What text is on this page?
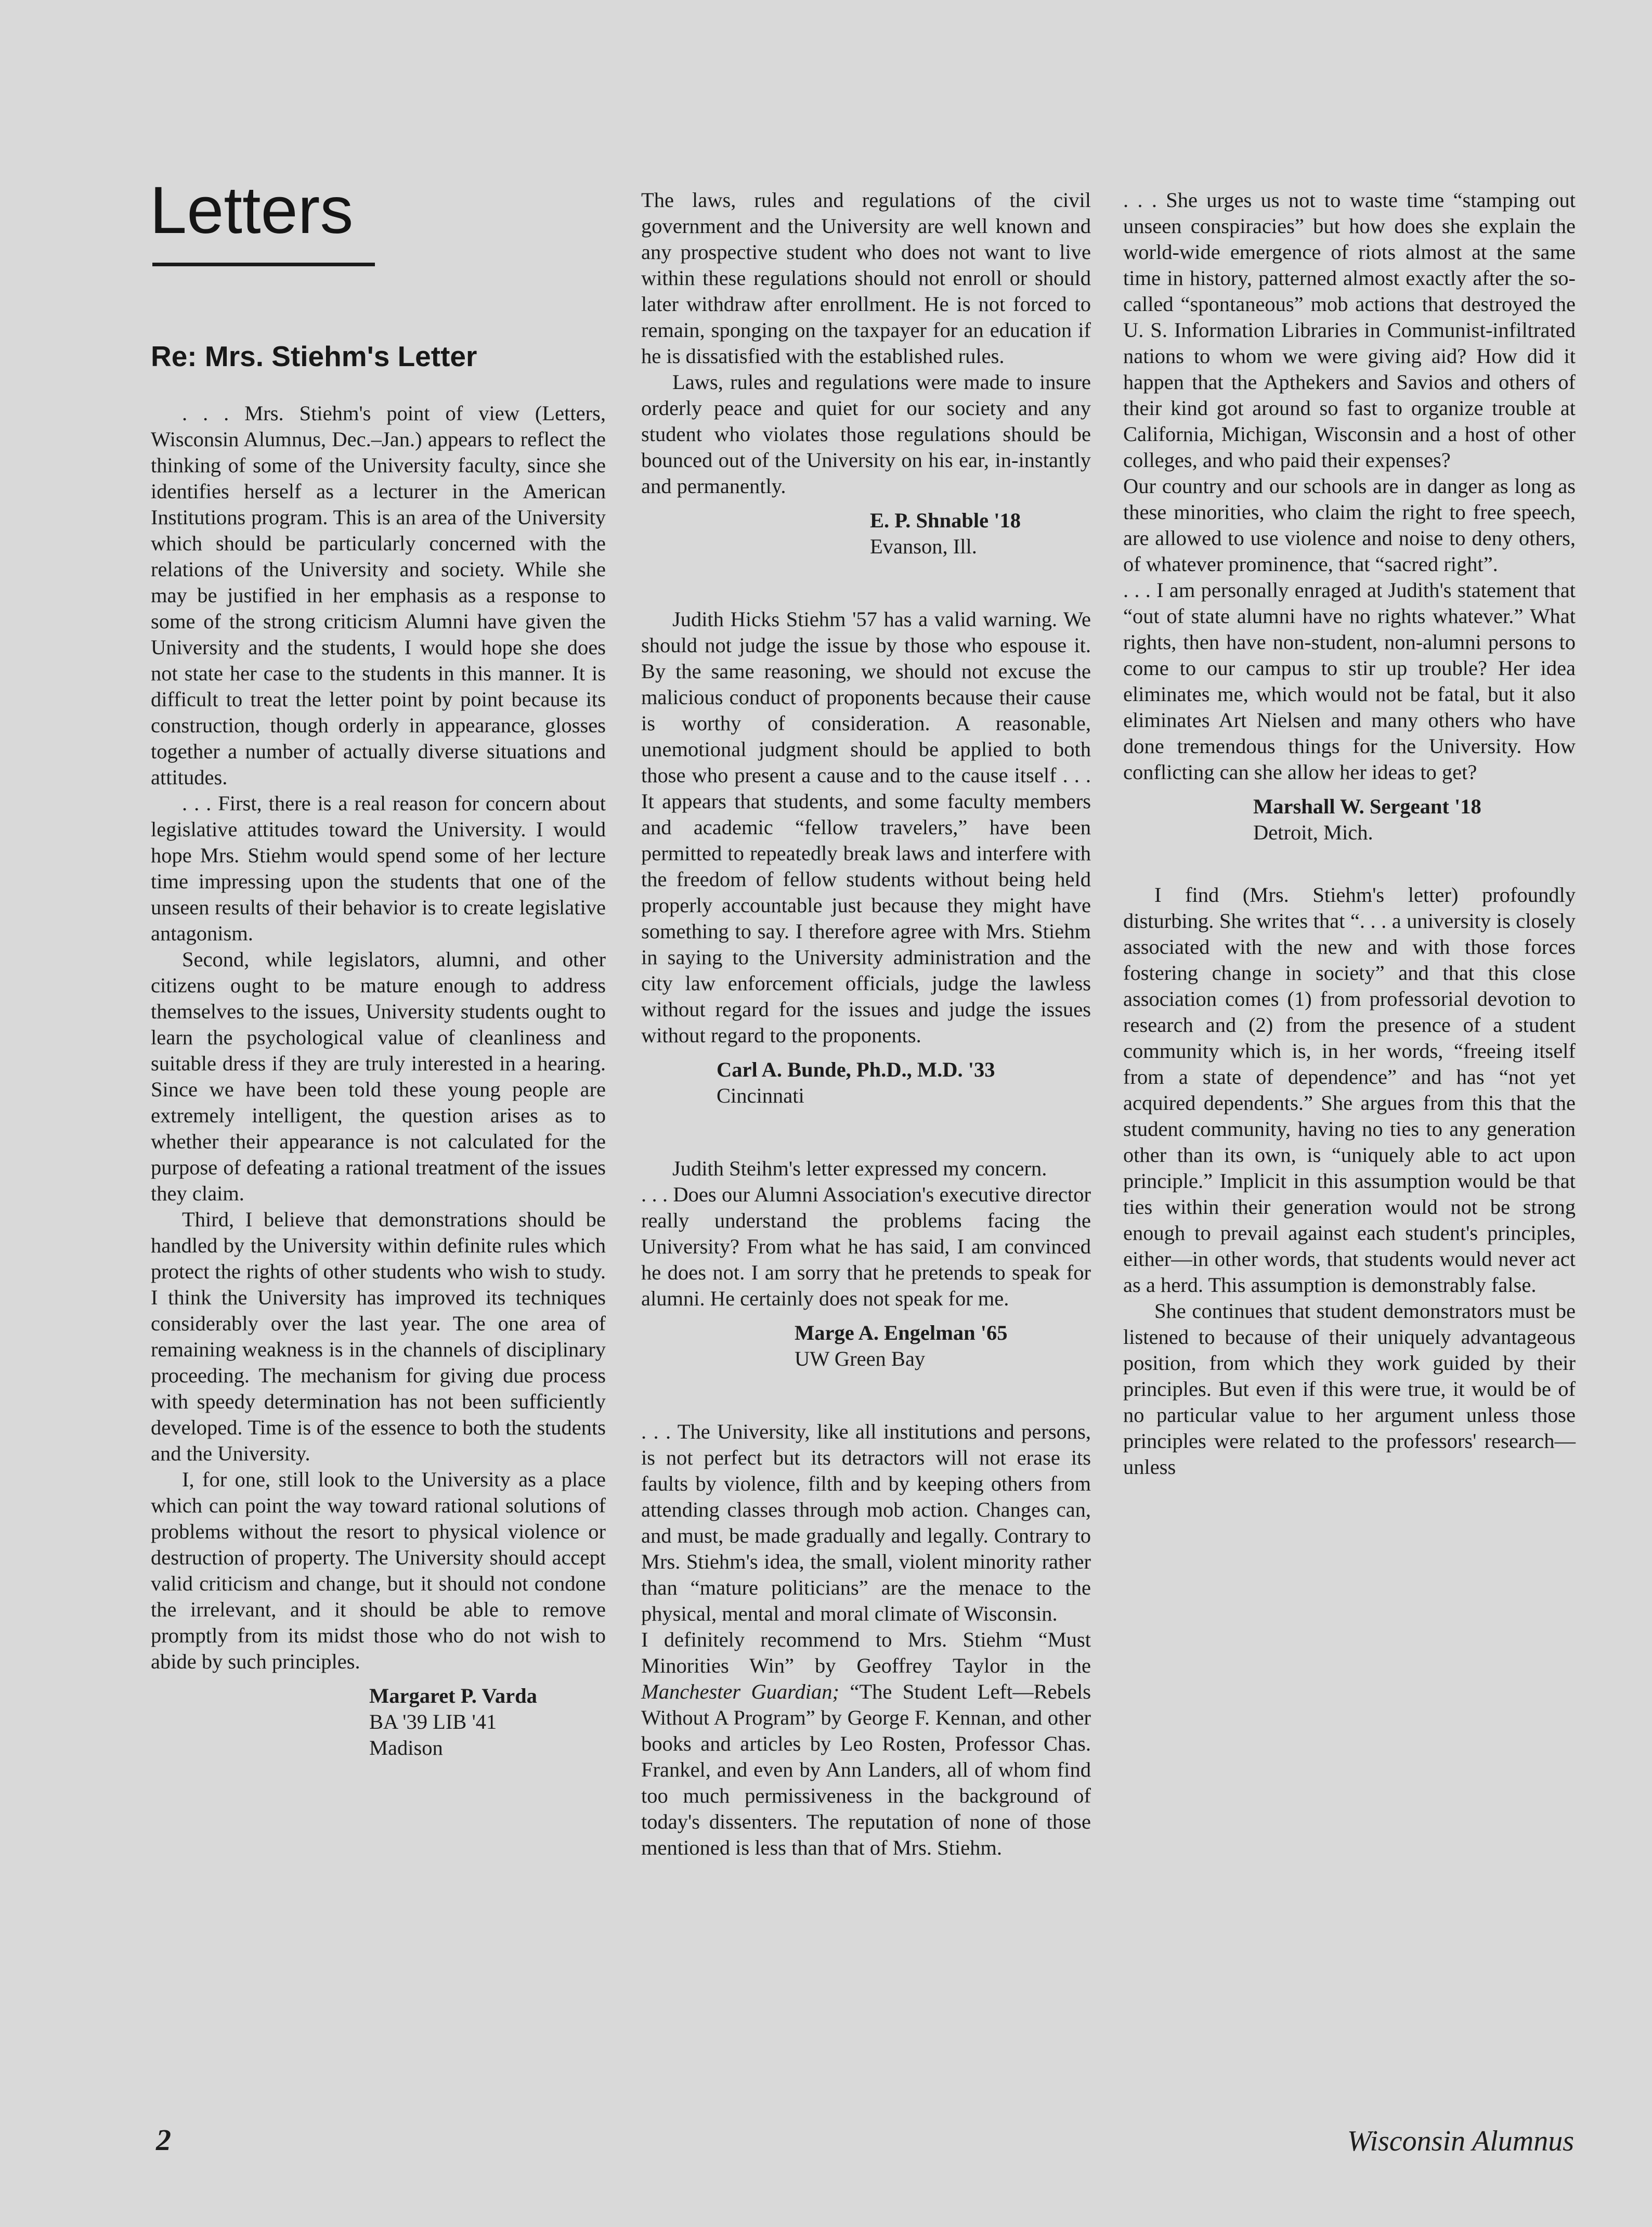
Letters
Re: Mrs. Stiehm's Letter

. . . Mrs. Stiehm's point of view (Letters, Wisconsin Alumnus, Dec.–Jan.) appears to reflect the thinking of some of the University faculty, since she identifies herself as a lecturer in the American Institutions program. This is an area of the University which should be particularly concerned with the relations of the University and society. While she may be justified in her emphasis as a response to some of the strong criticism Alumni have given the University and the students, I would hope she does not state her case to the students in this manner. It is difficult to treat the letter point by point because its construction, though orderly in appearance, glosses together a number of actually diverse situations and attitudes.

. . . First, there is a real reason for concern about legislative attitudes toward the University. I would hope Mrs. Stiehm would spend some of her lecture time impressing upon the students that one of the unseen results of their behavior is to create legislative antagonism.

Second, while legislators, alumni, and other citizens ought to be mature enough to address themselves to the issues, University students ought to learn the psychological value of cleanliness and suitable dress if they are truly interested in a hearing. Since we have been told these young people are extremely intelligent, the question arises as to whether their appearance is not calculated for the purpose of defeating a rational treatment of the issues they claim.

Third, I believe that demonstrations should be handled by the University within definite rules which protect the rights of other students who wish to study. I think the University has improved its techniques considerably over the last year. The one area of remaining weakness is in the channels of disciplinary proceeding. The mechanism for giving due process with speedy determination has not been sufficiently developed. Time is of the essence to both the students and the University.

I, for one, still look to the University as a place which can point the way toward rational solutions of problems without the resort to physical violence or destruction of property. The University should accept valid criticism and change, but it should not condone the irrelevant, and it should be able to remove promptly from its midst those who do not wish to abide by such principles.

Margaret P. Varda
BA '39 LIB '41
Madison

The laws, rules and regulations of the civil government and the University are well known and any prospective student who does not want to live within these regulations should not enroll or should later withdraw after enrollment. He is not forced to remain, sponging on the taxpayer for an education if he is dissatisfied with the established rules.

Laws, rules and regulations were made to insure orderly peace and quiet for our society and any student who violates those regulations should be bounced out of the University on his ear, in-instantly and permanently.

E. P. Shnable '18
Evanson, Ill.

Judith Hicks Stiehm '57 has a valid warning. We should not judge the issue by those who espouse it. By the same reasoning, we should not excuse the malicious conduct of proponents because their cause is worthy of consideration. A reasonable, unemotional judgment should be applied to both those who present a cause and to the cause itself . . . It appears that students, and some faculty members and academic “fellow travelers,” have been permitted to repeatedly break laws and interfere with the freedom of fellow students without being held properly accountable just because they might have something to say. I therefore agree with Mrs. Stiehm in saying to the University administration and the city law enforcement officials, judge the lawless without regard for the issues and judge the issues without regard to the proponents.

Carl A. Bunde, Ph.D., M.D. '33
Cincinnati

Judith Steihm's letter expressed my concern.

. . . Does our Alumni Association's executive director really understand the problems facing the University? From what he has said, I am convinced he does not. I am sorry that he pretends to speak for alumni. He certainly does not speak for me.

Marge A. Engelman '65
UW Green Bay

. . . The University, like all institutions and persons, is not perfect but its detractors will not erase its faults by violence, filth and by keeping others from attending classes through mob action. Changes can, and must, be made gradually and legally. Contrary to Mrs. Stiehm's idea, the small, violent minority rather than “mature politicians” are the menace to the physical, mental and moral climate of Wisconsin.

I definitely recommend to Mrs. Stiehm “Must Minorities Win” by Geoffrey Taylor in the Manchester Guardian; “The Student Left—Rebels Without A Program” by George F. Kennan, and other books and articles by Leo Rosten, Professor Chas. Frankel, and even by Ann Landers, all of whom find too much permissiveness in the background of today's dissenters. The reputation of none of those mentioned is less than that of Mrs. Stiehm.

. . . She urges us not to waste time “stamping out unseen conspiracies” but how does she explain the world-wide emergence of riots almost at the same time in history, patterned almost exactly after the so-called “spontaneous” mob actions that destroyed the U. S. Information Libraries in Communist-infiltrated nations to whom we were giving aid? How did it happen that the Apthekers and Savios and others of their kind got around so fast to organize trouble at California, Michigan, Wisconsin and a host of other colleges, and who paid their expenses?

Our country and our schools are in danger as long as these minorities, who claim the right to free speech, are allowed to use violence and noise to deny others, of whatever prominence, that “sacred right”.

. . . I am personally enraged at Judith's statement that “out of state alumni have no rights whatever.” What rights, then have non-student, non-alumni persons to come to our campus to stir up trouble? Her idea eliminates me, which would not be fatal, but it also eliminates Art Nielsen and many others who have done tremendous things for the University. How conflicting can she allow her ideas to get?

Marshall W. Sergeant '18
Detroit, Mich.

I find (Mrs. Stiehm's letter) profoundly disturbing. She writes that “. . . a university is closely associated with the new and with those forces fostering change in society” and that this close association comes (1) from professorial devotion to research and (2) from the presence of a student community which is, in her words, “freeing itself from a state of dependence” and has “not yet acquired dependents.” She argues from this that the student community, having no ties to any generation other than its own, is “uniquely able to act upon principle.” Implicit in this assumption would be that ties within their generation would not be strong enough to prevail against each student's principles, either—in other words, that students would never act as a herd. This assumption is demonstrably false.

She continues that student demonstrators must be listened to because of their uniquely advantageous position, from which they work guided by their principles. But even if this were true, it would be of no particular value to her argument unless those principles were related to the professors' research—unless

2	Wisconsin Alumnus
